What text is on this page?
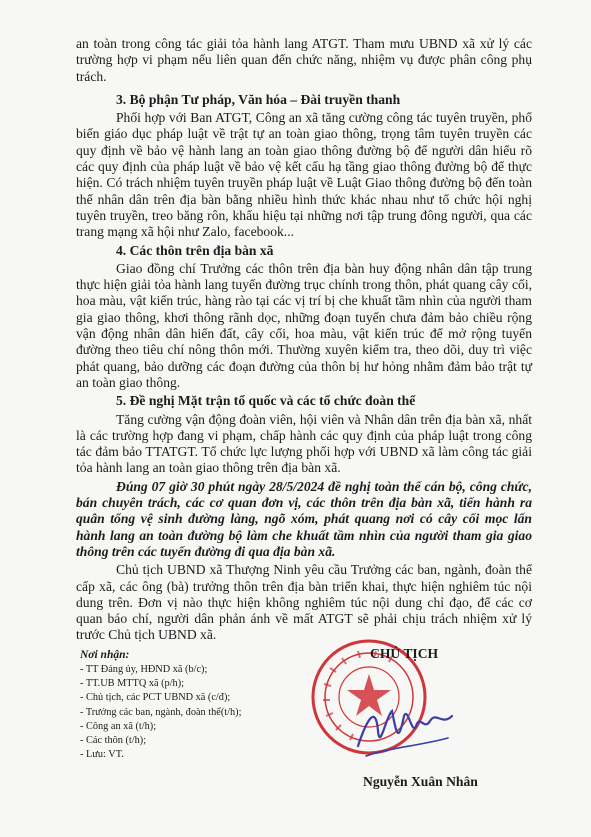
an toàn trong công tác giải tỏa hành lang ATGT. Tham mưu UBND xã xử lý các trường hợp vi phạm nếu liên quan đến chức năng, nhiệm vụ được phân công phụ trách.

3. Bộ phận Tư pháp, Văn hóa – Đài truyền thanh

Phối hợp với Ban ATGT, Công an xã tăng cường công tác tuyên truyền, phổ biến giáo dục pháp luật về trật tự an toàn giao thông, trọng tâm tuyên truyền các quy định về bảo vệ hành lang an toàn giao thông đường bộ để người dân hiểu rõ các quy định của pháp luật về bảo vệ kết cấu hạ tầng giao thông đường bộ để thực hiện. Có trách nhiệm tuyên truyền pháp luật về Luật Giao thông đường bộ đến toàn thể nhân dân trên địa bàn bằng nhiều hình thức khác nhau như tổ chức hội nghị tuyên truyền, treo băng rôn, khẩu hiệu tại những nơi tập trung đông người, qua các trang mạng xã hội như Zalo, facebook...

4. Các thôn trên địa bàn xã

Giao đồng chí Trưởng các thôn trên địa bàn huy động nhân dân tập trung thực hiện giải tỏa hành lang tuyến đường trục chính trong thôn, phát quang cây cối, hoa màu, vật kiến trúc, hàng rào tại các vị trí bị che khuất tầm nhìn của người tham gia giao thông, khơi thông rãnh dọc, những đoạn tuyến chưa đảm bảo chiều rộng vận động nhân dân hiến đất, cây cối, hoa màu, vật kiến trúc để mở rộng tuyến đường theo tiêu chí nông thôn mới. Thường xuyên kiểm tra, theo dõi, duy trì việc phát quang, bảo dưỡng các đoạn đường của thôn bị hư hỏng nhằm đảm bảo trật tự an toàn giao thông.

5. Đề nghị Mặt trận tổ quốc và các tổ chức đoàn thể

Tăng cường vận động đoàn viên, hội viên và Nhân dân trên địa bàn xã, nhất là các trường hợp đang vi phạm, chấp hành các quy định của pháp luật trong công tác đảm bảo TTATGT. Tổ chức lực lượng phối hợp với UBND xã làm công tác giải tỏa hành lang an toàn giao thông trên địa bàn xã.

Đúng 07 giờ 30 phút ngày 28/5/2024 đề nghị toàn thể cán bộ, công chức, bán chuyên trách, các cơ quan đơn vị, các thôn trên địa bàn xã, tiến hành ra quân tổng vệ sinh đường làng, ngõ xóm, phát quang nơi có cây cối mọc lấn hành lang an toàn đường bộ làm che khuất tầm nhìn của người tham gia giao thông trên các tuyến đường đi qua địa bàn xã.

Chủ tịch UBND xã Thượng Ninh yêu cầu Trưởng các ban, ngành, đoàn thể cấp xã, các ông (bà) trưởng thôn trên địa bàn triển khai, thực hiện nghiêm túc nội dung trên. Đơn vị nào thực hiện không nghiêm túc nội dung chỉ đạo, để các cơ quan báo chí, người dân phản ánh về mất ATGT sẽ phải chịu trách nhiệm xử lý trước Chủ tịch UBND xã.

Nơi nhận:
- TT Đảng ủy, HĐND xã (b/c);
- TT.UB MTTQ xã (p/h);
- Chủ tịch, các PCT UBND xã (c/đ);
- Trưởng các ban, ngành, đoàn thể(t/h);
- Công an xã (t/h);
- Các thôn (t/h);
- Lưu: VT.
CHỦ TỊCH
Nguyễn Xuân Nhân
